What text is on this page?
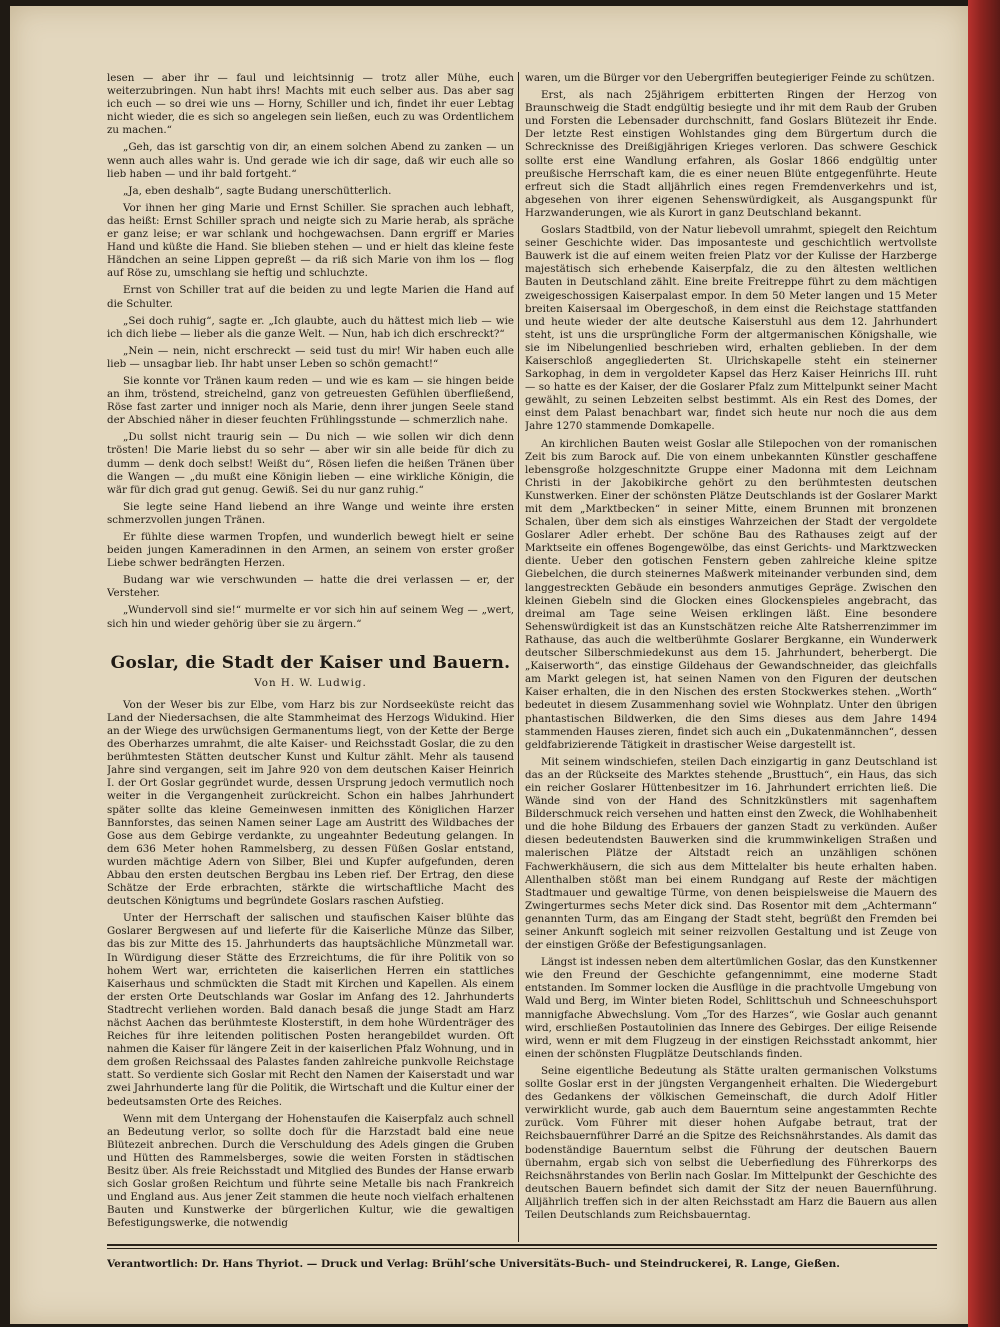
lesen — aber ihr — faul und leichtsinnig — trotz aller Mühe, euch weiterzubringen. Nun habt ihrs! Machts mit euch selber aus. Das aber sag ich euch — so drei wie uns — Horny, Schiller und ich, findet ihr euer Lebtag nicht wieder, die es sich so angelegen sein ließen, euch zu was Ordentlichem zu machen.“

„Geh, das ist garschtig von dir, an einem solchen Abend zu zanken — un wenn auch alles wahr is. Und gerade wie ich dir sage, daß wir euch alle so lieb haben — und ihr bald fortgeht.“

„Ja, eben deshalb“, sagte Budang unerschütterlich.

Vor ihnen her ging Marie und Ernst Schiller. Sie sprachen auch lebhaft, das heißt: Ernst Schiller sprach und neigte sich zu Marie herab, als spräche er ganz leise; er war schlank und hochgewachsen. Dann ergriff er Maries Hand und küßte die Hand. Sie blieben stehen — und er hielt das kleine feste Händchen an seine Lippen gepreßt — da riß sich Marie von ihm los — flog auf Röse zu, umschlang sie heftig und schluchzte.

Ernst von Schiller trat auf die beiden zu und legte Marien die Hand auf die Schulter.

„Sei doch ruhig“, sagte er. „Ich glaubte, auch du hättest mich lieb — wie ich dich liebe — lieber als die ganze Welt. — Nun, hab ich dich erschreckt?“

„Nein — nein, nicht erschreckt — seid tust du mir! Wir haben euch alle lieb — unsagbar lieb. Ihr habt unser Leben so schön gemacht!“

Sie konnte vor Tränen kaum reden — und wie es kam — sie hingen beide an ihm, tröstend, streichelnd, ganz von getreuesten Gefühlen überfließend, Röse fast zarter und inniger noch als Marie, denn ihrer jungen Seele stand der Abschied näher in dieser feuchten Frühlingsstunde — schmerzlich nahe.

„Du sollst nicht traurig sein — Du nich — wie sollen wir dich denn trösten! Die Marie liebst du so sehr — aber wir sin alle beide für dich zu dumm — denk doch selbst! Weißt du“, Rösen liefen die heißen Tränen über die Wangen — „du mußt eine Königin lieben — eine wirkliche Königin, die wär für dich grad gut genug. Gewiß. Sei du nur ganz ruhig.“

Sie legte seine Hand liebend an ihre Wange und weinte ihre ersten schmerzvollen jungen Tränen.

Er fühlte diese warmen Tropfen, und wunderlich bewegt hielt er seine beiden jungen Kameradinnen in den Armen, an seinem von erster großer Liebe schwer bedrängten Herzen.

Budang war wie verschwunden — hatte die drei verlassen — er, der Versteher.

„Wundervoll sind sie!“ murmelte er vor sich hin auf seinem Weg — „wert, sich hin und wieder gehörig über sie zu ärgern.“

Goslar, die Stadt der Kaiser und Bauern.
Von H. W. Ludwig.

Von der Weser bis zur Elbe, vom Harz bis zur Nordseeküste reicht das Land der Niedersachsen, die alte Stammheimat des Herzogs Widukind. Hier an der Wiege des urwüchsigen Germanentums liegt, von der Kette der Berge des Oberharzes umrahmt, die alte Kaiser- und Reichsstadt Goslar, die zu den berühmtesten Stätten deutscher Kunst und Kultur zählt. Mehr als tausend Jahre sind vergangen, seit im Jahre 920 von dem deutschen Kaiser Heinrich I. der Ort Goslar gegründet wurde, dessen Ursprung jedoch vermutlich noch weiter in die Vergangenheit zurückreicht. Schon ein halbes Jahrhundert später sollte das kleine Gemeinwesen inmitten des Königlichen Harzer Bannforstes, das seinen Namen seiner Lage am Austritt des Wildbaches der Gose aus dem Gebirge verdankte, zu ungeahnter Bedeutung gelangen. In dem 636 Meter hohen Rammelsberg, zu dessen Füßen Goslar entstand, wurden mächtige Adern von Silber, Blei und Kupfer aufgefunden, deren Abbau den ersten deutschen Bergbau ins Leben rief. Der Ertrag, den diese Schätze der Erde erbrachten, stärkte die wirtschaftliche Macht des deutschen Königtums und begründete Goslars raschen Aufstieg.

Unter der Herrschaft der salischen und staufischen Kaiser blühte das Goslarer Bergwesen auf und lieferte für die Kaiserliche Münze das Silber, das bis zur Mitte des 15. Jahrhunderts das hauptsächliche Münzmetall war. In Würdigung dieser Stätte des Erzreichtums, die für ihre Politik von so hohem Wert war, errichteten die kaiserlichen Herren ein stattliches Kaiserhaus und schmückten die Stadt mit Kirchen und Kapellen. Als einem der ersten Orte Deutschlands war Goslar im Anfang des 12. Jahrhunderts Stadtrecht verliehen worden. Bald danach besaß die junge Stadt am Harz nächst Aachen das berühmteste Klosterstift, in dem hohe Würdenträger des Reiches für ihre leitenden politischen Posten herangebildet wurden. Oft nahmen die Kaiser für längere Zeit in der kaiserlichen Pfalz Wohnung, und in dem großen Reichssaal des Palastes fanden zahlreiche punkvolle Reichstage statt. So verdiente sich Goslar mit Recht den Namen der Kaiserstadt und war zwei Jahrhunderte lang für die Politik, die Wirtschaft und die Kultur einer der bedeutsamsten Orte des Reiches.

Wenn mit dem Untergang der Hohenstaufen die Kaiserpfalz auch schnell an Bedeutung verlor, so sollte doch für die Harzstadt bald eine neue Blütezeit anbrechen. Durch die Verschuldung des Adels gingen die Gruben und Hütten des Rammelsberges, sowie die weiten Forsten in städtischen Besitz über. Als freie Reichsstadt und Mitglied des Bundes der Hanse erwarb sich Goslar großen Reichtum und führte seine Metalle bis nach Frankreich und England aus. Aus jener Zeit stammen die heute noch vielfach erhaltenen Bauten und Kunstwerke der bürgerlichen Kultur, wie die gewaltigen Befestigungswerke, die notwendig

waren, um die Bürger vor den Uebergriffen beutegieriger Feinde zu schützen.

Erst, als nach 25jährigem erbitterten Ringen der Herzog von Braunschweig die Stadt endgültig besiegte und ihr mit dem Raub der Gruben und Forsten die Lebensader durchschnitt, fand Goslars Blütezeit ihr Ende. Der letzte Rest einstigen Wohlstandes ging dem Bürgertum durch die Schrecknisse des Dreißigjährigen Krieges verloren. Das schwere Geschick sollte erst eine Wandlung erfahren, als Goslar 1866 endgültig unter preußische Herrschaft kam, die es einer neuen Blüte entgegenführte. Heute erfreut sich die Stadt alljährlich eines regen Fremdenverkehrs und ist, abgesehen von ihrer eigenen Sehenswürdigkeit, als Ausgangspunkt für Harzwanderungen, wie als Kurort in ganz Deutschland bekannt.

Goslars Stadtbild, von der Natur liebevoll umrahmt, spiegelt den Reichtum seiner Geschichte wider. Das imposanteste und geschichtlich wertvollste Bauwerk ist die auf einem weiten freien Platz vor der Kulisse der Harzberge majestätisch sich erhebende Kaiserpfalz, die zu den ältesten weltlichen Bauten in Deutschland zählt. Eine breite Freitreppe führt zu dem mächtigen zweigeschossigen Kaiserpalast empor. In dem 50 Meter langen und 15 Meter breiten Kaisersaal im Obergeschoß, in dem einst die Reichstage stattfanden und heute wieder der alte deutsche Kaiserstuhl aus dem 12. Jahrhundert steht, ist uns die ursprüngliche Form der altgermanischen Königshalle, wie sie im Nibelungenlied beschrieben wird, erhalten geblieben. In der dem Kaiserschloß angegliederten St. Ulrichskapelle steht ein steinerner Sarkophag, in dem in vergoldeter Kapsel das Herz Kaiser Heinrichs III. ruht — so hatte es der Kaiser, der die Goslarer Pfalz zum Mittelpunkt seiner Macht gewählt, zu seinen Lebzeiten selbst bestimmt. Als ein Rest des Domes, der einst dem Palast benachbart war, findet sich heute nur noch die aus dem Jahre 1270 stammende Domkapelle.

An kirchlichen Bauten weist Goslar alle Stilepochen von der romanischen Zeit bis zum Barock auf. Die von einem unbekannten Künstler geschaffene lebensgroße holzgeschnitzte Gruppe einer Madonna mit dem Leichnam Christi in der Jakobikirche gehört zu den berühmtesten deutschen Kunstwerken. Einer der schönsten Plätze Deutschlands ist der Goslarer Markt mit dem „Marktbecken“ in seiner Mitte, einem Brunnen mit bronzenen Schalen, über dem sich als einstiges Wahrzeichen der Stadt der vergoldete Goslarer Adler erhebt. Der schöne Bau des Rathauses zeigt auf der Marktseite ein offenes Bogengewölbe, das einst Gerichts- und Marktzwecken diente. Ueber den gotischen Fenstern geben zahlreiche kleine spitze Giebelchen, die durch steinernes Maßwerk miteinander verbunden sind, dem langgestreckten Gebäude ein besonders anmutiges Gepräge. Zwischen den kleinen Giebeln sind die Glocken eines Glockenspieles angebracht, das dreimal am Tage seine Weisen erklingen läßt. Eine besondere Sehenswürdigkeit ist das an Kunstschätzen reiche Alte Ratsherrenzimmer im Rathause, das auch die weltberühmte Goslarer Bergkanne, ein Wunderwerk deutscher Silberschmiedekunst aus dem 15. Jahrhundert, beherbergt. Die „Kaiserworth“, das einstige Gildehaus der Gewandschneider, das gleichfalls am Markt gelegen ist, hat seinen Namen von den Figuren der deutschen Kaiser erhalten, die in den Nischen des ersten Stockwerkes stehen. „Worth“ bedeutet in diesem Zusammenhang soviel wie Wohnplatz. Unter den übrigen phantastischen Bildwerken, die den Sims dieses aus dem Jahre 1494 stammenden Hauses zieren, findet sich auch ein „Dukatenmännchen“, dessen geldfabrizierende Tätigkeit in drastischer Weise dargestellt ist.

Mit seinem windschiefen, steilen Dach einzigartig in ganz Deutschland ist das an der Rückseite des Marktes stehende „Brusttuch“, ein Haus, das sich ein reicher Goslarer Hüttenbesitzer im 16. Jahrhundert errichten ließ. Die Wände sind von der Hand des Schnitzkünstlers mit sagenhaftem Bilderschmuck reich versehen und hatten einst den Zweck, die Wohlhabenheit und die hohe Bildung des Erbauers der ganzen Stadt zu verkünden. Außer diesen bedeutendsten Bauwerken sind die krummwinkeligen Straßen und malerischen Plätze der Altstadt reich an unzähligen schönen Fachwerkhäusern, die sich aus dem Mittelalter bis heute erhalten haben. Allenthalben stößt man bei einem Rundgang auf Reste der mächtigen Stadtmauer und gewaltige Türme, von denen beispielsweise die Mauern des Zwingerturmes sechs Meter dick sind. Das Rosentor mit dem „Achtermann“ genannten Turm, das am Eingang der Stadt steht, begrüßt den Fremden bei seiner Ankunft sogleich mit seiner reizvollen Gestaltung und ist Zeuge von der einstigen Größe der Befestigungsanlagen.

Längst ist indessen neben dem altertümlichen Goslar, das den Kunstkenner wie den Freund der Geschichte gefangennimmt, eine moderne Stadt entstanden. Im Sommer locken die Ausflüge in die prachtvolle Umgebung von Wald und Berg, im Winter bieten Rodel, Schlittschuh und Schneeschuhsport mannigfache Abwechslung. Vom „Tor des Harzes“, wie Goslar auch genannt wird, erschließen Postautolinien das Innere des Gebirges. Der eilige Reisende wird, wenn er mit dem Flugzeug in der einstigen Reichsstadt ankommt, hier einen der schönsten Flugplätze Deutschlands finden.

Seine eigentliche Bedeutung als Stätte uralten germanischen Volkstums sollte Goslar erst in der jüngsten Vergangenheit erhalten. Die Wiedergeburt des Gedankens der völkischen Gemeinschaft, die durch Adolf Hitler verwirklicht wurde, gab auch dem Bauerntum seine angestammten Rechte zurück. Vom Führer mit dieser hohen Aufgabe betraut, trat der Reichsbauernführer Darré an die Spitze des Reichsnährstandes. Als damit das bodenständige Bauerntum selbst die Führung der deutschen Bauern übernahm, ergab sich von selbst die Ueberfiedlung des Führerkorps des Reichsnährstandes von Berlin nach Goslar. Im Mittelpunkt der Geschichte des deutschen Bauern befindet sich damit der Sitz der neuen Bauernführung. Alljährlich treffen sich in der alten Reichsstadt am Harz die Bauern aus allen Teilen Deutschlands zum Reichsbauerntag.

Verantwortlich: Dr. Hans Thyriot. — Druck und Verlag: Brühl’sche Universitäts-Buch- und Steindruckerei, R. Lange, Gießen.
